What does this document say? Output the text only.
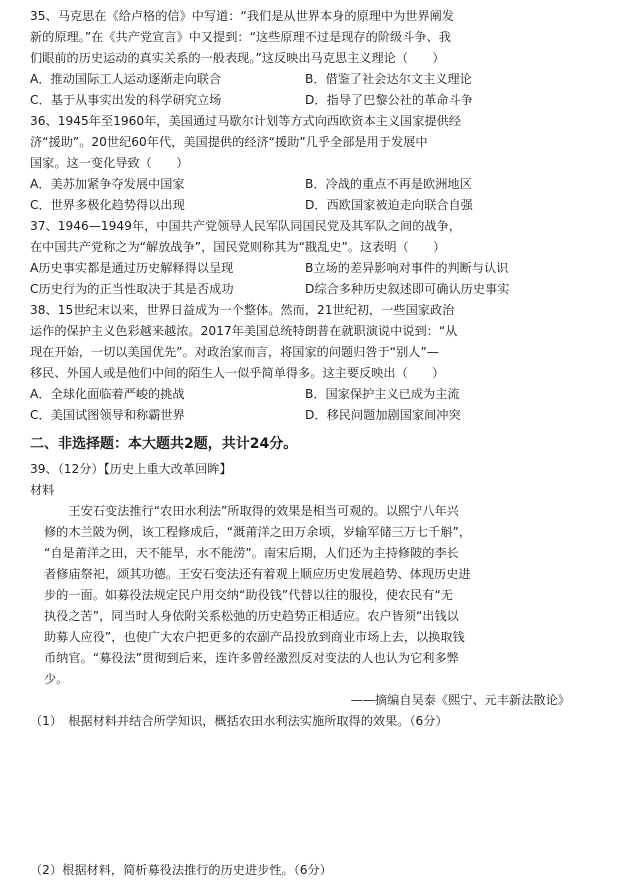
35、马克思在《给卢格的信》中写道：“我们是从世界本身的原理中为世界阐发
新的原理。”在《共产党宣言》中又提到：“这些原理不过是现存的阶级斗争、我
们眼前的历史运动的真实关系的一般表现。”这反映出马克思主义理论（　　）
A．推动国际工人运动逐渐走向联合	B．借鉴了社会达尔文主义理论
C．基于从事实出发的科学研究立场	D．指导了巴黎公社的革命斗争
36、1945年至1960年，美国通过马歇尔计划等方式向西欧资本主义国家提供经
济“援助”。20世纪60年代，美国提供的经济“援助”几乎全部是用于发展中
国家。这一变化导致（　　）
A．美苏加紧争夺发展中国家	B．冷战的重点不再是欧洲地区
C．世界多极化趋势得以出现	D．西欧国家被迫走向联合自强
37、1946—1949年，中国共产党领导人民军队同国民党及其军队之间的战争，
在中国共产党称之为“解放战争”，国民党则称其为“戡乱史”。这表明（　　）
A历史事实都是通过历史解释得以呈现	B立场的差异影响对事件的判断与认识
C历史行为的正当性取决于其是否成功	D综合多种历史叙述即可确认历史事实
38、15世纪末以来，世界日益成为一个整体。然而，21世纪初，一些国家政治
运作的保护主义色彩越来越浓。2017年美国总统特朗普在就职演说中说到：“从
现在开始，一切以美国优先”。对政治家而言，将国家的问题归咎于“别人”—
移民、外国人或是他们中间的陌生人一似乎简单得多。这主要反映出（　　）
A．全球化面临着严峻的挑战	B．国家保护主义已成为主流
C．美国试图领导和称霸世界	D．移民问题加剧国家间冲突
二、非选择题：本大题共2题，共计24分。
39、（12分）【历史上重大改革回眸】
材料
王安石变法推行“农田水利法”所取得的效果是相当可观的。以熙宁八年兴
修的木兰陂为例，该工程修成后，“溉莆洋之田万余顷，岁输军储三万七千斛”，
“自是莆洋之田，天不能旱，水不能涝”。南宋后期，人们还为主持修陂的李长
者修庙祭祀，颂其功德。王安石变法还有着观上顺应历史发展趋势、体现历史进
步的一面。如募役法规定民户用交纳“助役钱”代替以往的服役，使农民有“无
执役之苦”，同当时人身依附关系松弛的历史趋势正相适应。农户皆须“出钱以
助募人应役”，也使广大农户把更多的农副产品投放到商业市场上去，以换取钱
币纳官。“募役法”贯彻到后来，连许多曾经激烈反对变法的人也认为它利多弊
少。
——摘编自吴泰《熙宁、元丰新法散论》
（1）　根据材料并结合所学知识，概括农田水利法实施所取得的效果。（6分）
（2）根据材料，简析募役法推行的历史进步性。（6分）
